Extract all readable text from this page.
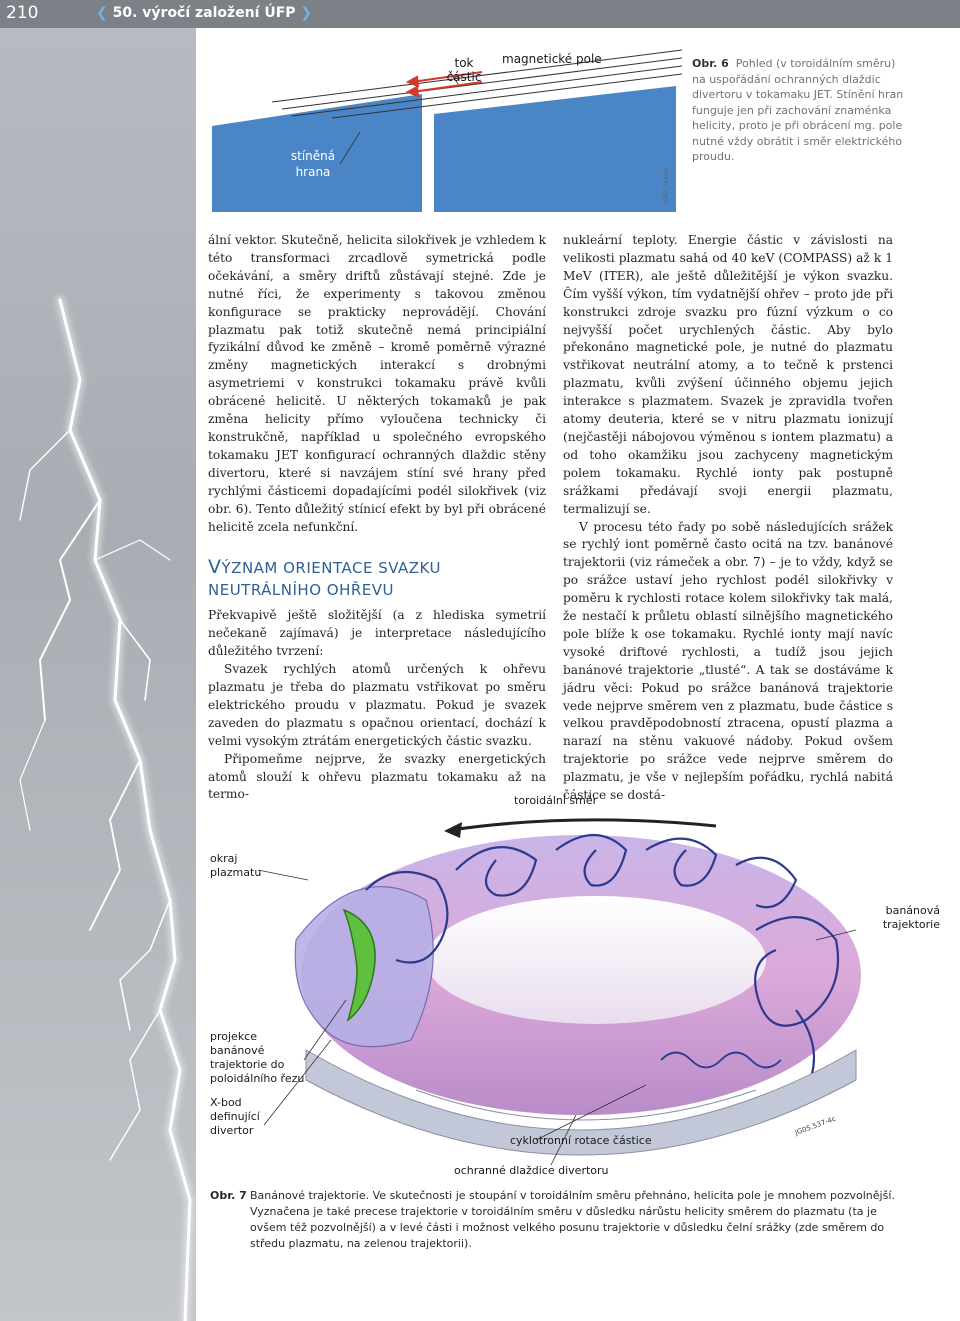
210	❮ 50. výročí založení ÚFP ❯
JG97.344/4c
tok
částic
magnetické pole
stíněná
hrana
Obr. 6 Pohled (v toroidálním směru) na uspořádání ochranných dlaždic divertoru v tokamaku JET. Stínění hran funguje jen při zachování znaménka helicity, proto je při obrácení mg. pole nutné vždy obrátit i směr elektrického proudu.

ální vektor. Skutečně, helicita silokřivek je vzhledem k této transformaci zrcadlově symetrická podle očekávání, a směry driftů zůstávají stejné. Zde je nutné říci, že experimenty s takovou změnou konfigurace se prakticky neprovádějí. Chování plazmatu pak totiž skutečně nemá principiální fyzikální důvod ke změně – kromě poměrně výrazné změny magnetických interakcí s drobnými asymetriemi v konstrukci tokamaku právě kvůli obrácené helicitě. U některých tokamaků je pak změna helicity přímo vyloučena technicky či konstrukčně, například u společného evropského tokamaku JET konfigurací ochranných dlaždic stěny divertoru, které si navzájem stíní své hrany před rychlými částicemi dopadajícími podél silokřivek (viz obr. 6). Tento důležitý stínicí efekt by byl při obrácené helicitě zcela nefunkční.

VÝZNAM ORIENTACE SVAZKU
NEUTRÁLNÍHO OHŘEVU

Překvapivě ještě složitější (a z hlediska symetrií nečekaně zajímavá) je interpretace následujícího důležitého tvrzení:

Svazek rychlých atomů určených k ohřevu plazmatu je třeba do plazmatu vstřikovat po směru elektrického proudu v plazmatu. Pokud je svazek zaveden do plazmatu s opačnou orientací, dochází k velmi vysokým ztrátám energetických částic svazku.

Připomeňme nejprve, že svazky energetických atomů slouží k ohřevu plazmatu tokamaku až na termo-

nukleární teploty. Energie částic v závislosti na velikosti plazmatu sahá od 40 keV (COMPASS) až k 1 MeV (ITER), ale ještě důležitější je výkon svazku. Čím vyšší výkon, tím vydatnější ohřev – proto jde při konstrukci zdroje svazku pro fúzní výzkum o co nejvyšší počet urychlených částic. Aby bylo překonáno magnetické pole, je nutné do plazmatu vstřikovat neutrální atomy, a to tečně k prstenci plazmatu, kvůli zvýšení účinného objemu jejich interakce s plazmatem. Svazek je zpravidla tvořen atomy deuteria, které se v nitru plazmatu ionizují (nejčastěji nábojovou výměnou s iontem plazmatu) a od toho okamžiku jsou zachyceny magnetickým polem tokamaku. Rychlé ionty pak postupně srážkami předávají svoji energii plazmatu, termalizují se.

V procesu této řady po sobě následujících srážek se rychlý iont poměrně často ocitá na tzv. banánové trajektorii (viz rámeček a obr. 7) – je to vždy, když se po srážce ustaví jeho rychlost podél silokřivky v poměru k rychlosti rotace kolem silokřivky tak malá, že nestačí k průletu oblastí silnějšího magnetického pole blíže k ose tokamaku. Rychlé ionty mají navíc vysoké driftové rychlosti, a tudíž jsou jejich banánové trajektorie „tlusté“. A tak se dostáváme k jádru věci: Pokud po srážce banánová trajektorie vede nejprve směrem ven z plazmatu, bude částice s velkou pravděpodobností ztracena, opustí plazma a narazí na stěnu vakuové nádoby. Pokud ovšem trajektorie po srážce vede nejprve směrem do plazmatu, je vše v nejlepším pořádku, rychlá nabitá částice se dostá-

JG05.537-4c
toroidální směr
okraj
plazmatu
banánová
trajektorie
projekce
banánové
trajektorie do
poloidálního řezu
X-bod
definující
divertor
cyklotronní rotace částice
ochranné dlaždice divertoru
Obr. 7 Banánové trajektorie. Ve skutečnosti je stoupání v toroidálním směru přehnáno, helicita pole je mnohem pozvolnější. Vyznačena je také precese trajektorie v toroidálním směru v důsledku nárůstu helicity směrem do plazmatu (ta je ovšem též pozvolnější) a v levé části i možnost velkého posunu trajektorie v důsledku čelní srážky (zde směrem do středu plazmatu, na zelenou trajektorii).
